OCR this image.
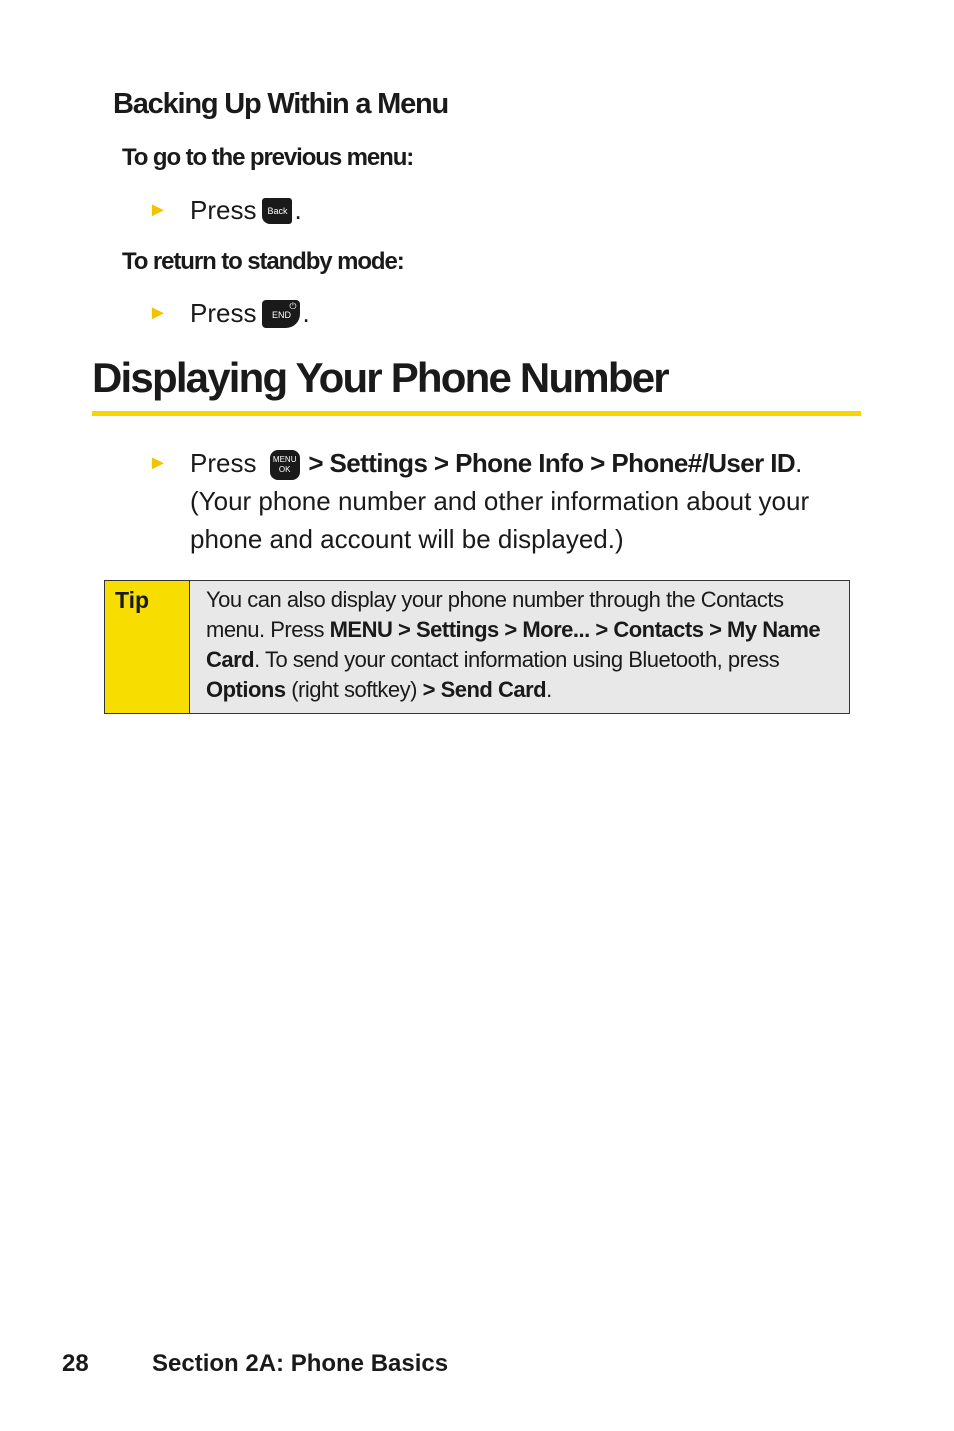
Backing Up Within a Menu
To go to the previous menu:
► Press	Back .
To return to standby mode:
► Press	END
⏻ .
Displaying Your Phone Number
► Press MENU
OK > Settings > Phone Info > Phone#/User ID.
(Your phone number and other information about your phone and account will be displayed.)
Tip	You can also display your phone number through the Contacts menu. Press MENU > Settings > More... > Contacts > My Name Card. To send your contact information using Bluetooth, press Options (right softkey) > Send Card.
28	Section 2A: Phone Basics
